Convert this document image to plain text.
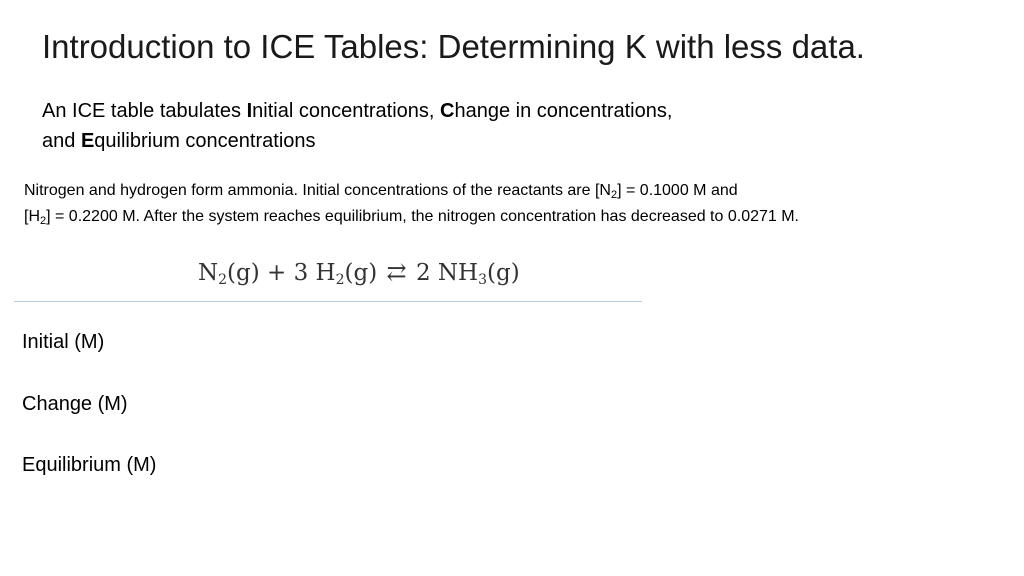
Introduction to ICE Tables: Determining K with less data.
An ICE table tabulates Initial concentrations, Change in concentrations,
and Equilibrium concentrations
Nitrogen and hydrogen form ammonia. Initial concentrations of the reactants are $[N_2] = 0.1000$ M and
$[H_2] = 0.2200$ M. After the system reaches equilibrium, the nitrogen concentration has decreased to 0.0271 M.
$N_2(g) + 3$ $H_2(g)$ ⇄ 2 $NH_3(g)$
Initial (M)
Change (M)
Equilibrium (M)
